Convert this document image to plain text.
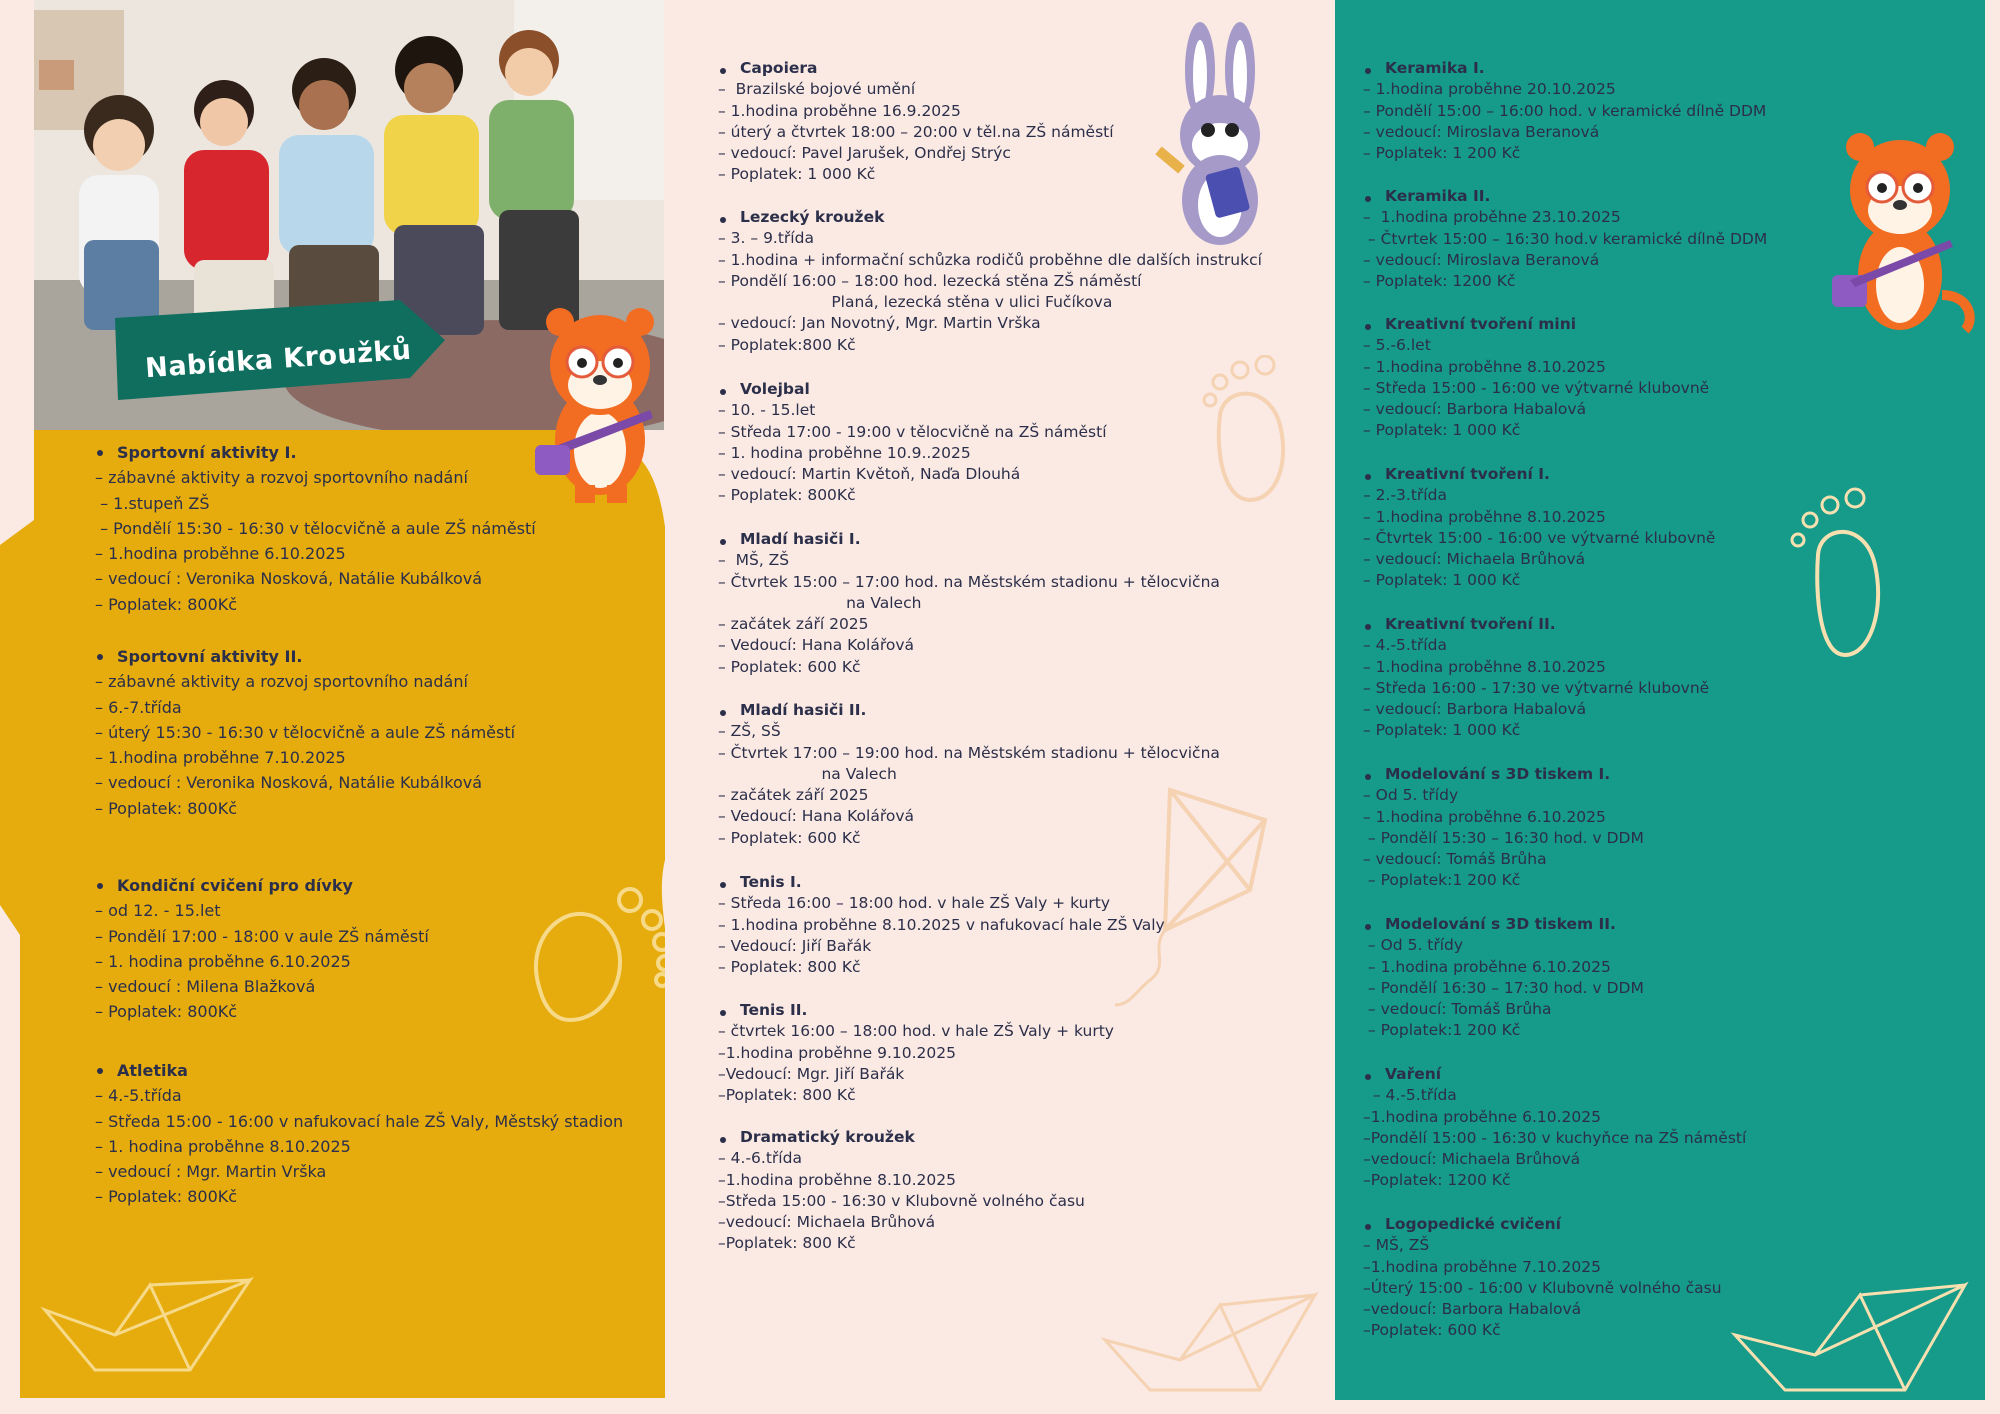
Nabídka Kroužků
Sportovní aktivity I.
– zábavné aktivity a rozvoj sportovního nadání
– 1.stupeň ZŠ
– Pondělí 15:30 - 16:30 v tělocvičně a aule ZŠ náměstí
– 1.hodina proběhne 6.10.2025
– vedoucí : Veronika Nosková, Natálie Kubálková
– Poplatek: 800Kč
Sportovní aktivity II.
– zábavné aktivity a rozvoj sportovního nadání
– 6.-7.třída
– úterý 15:30 - 16:30 v tělocvičně a aule ZŠ náměstí
– 1.hodina proběhne 7.10.2025
– vedoucí : Veronika Nosková, Natálie Kubálková
– Poplatek: 800Kč
Kondiční cvičení pro dívky
– od 12. - 15.let
– Pondělí 17:00 - 18:00 v aule ZŠ náměstí
– 1. hodina proběhne 6.10.2025
– vedoucí : Milena Blažková
– Poplatek: 800Kč
Atletika
– 4.-5.třída
– Středa 15:00 - 16:00 v nafukovací hale ZŠ Valy, Městský stadion
– 1. hodina proběhne 8.10.2025
– vedoucí : Mgr. Martin Vrška
– Poplatek: 800Kč
Capoiera
–  Brazilské bojové umění
– 1.hodina proběhne 16.9.2025
– úterý a čtvrtek 18:00 – 20:00 v těl.na ZŠ náměstí
– vedoucí: Pavel Jarušek, Ondřej Strýc
– Poplatek: 1 000 Kč
Lezecký kroužek
– 3. – 9.třída
– 1.hodina + informační schůzka rodičů proběhne dle dalších instrukcí
– Pondělí 16:00 – 18:00 hod. lezecká stěna ZŠ náměstí
Planá, lezecká stěna v ulici Fučíkova
– vedoucí: Jan Novotný, Mgr. Martin Vrška
– Poplatek:800 Kč
Volejbal
– 10. - 15.let
– Středa 17:00 - 19:00 v tělocvičně na ZŠ náměstí
– 1. hodina proběhne 10.9..2025
– vedoucí: Martin Květoň, Naďa Dlouhá
– Poplatek: 800Kč
Mladí hasiči I.
–  MŠ, ZŠ
– Čtvrtek 15:00 – 17:00 hod. na Městském stadionu + tělocvična
na Valech
– začátek září 2025
– Vedoucí: Hana Kolářová
– Poplatek: 600 Kč
Mladí hasiči II.
– ZŠ, SŠ
– Čtvrtek 17:00 – 19:00 hod. na Městském stadionu + tělocvična
na Valech
– začátek září 2025
– Vedoucí: Hana Kolářová
– Poplatek: 600 Kč
Tenis I.
– Středa 16:00 – 18:00 hod. v hale ZŠ Valy + kurty
– 1.hodina proběhne 8.10.2025 v nafukovací hale ZŠ Valy
– Vedoucí: Jiří Bařák
– Poplatek: 800 Kč
Tenis II.
– čtvrtek 16:00 – 18:00 hod. v hale ZŠ Valy + kurty
–1.hodina proběhne 9.10.2025
–Vedoucí: Mgr. Jiří Bařák
–Poplatek: 800 Kč
Dramatický kroužek
– 4.-6.třída
–1.hodina proběhne 8.10.2025
–Středa 15:00 - 16:30 v Klubovně volného času
–vedoucí: Michaela Brůhová
–Poplatek: 800 Kč
Keramika I.
– 1.hodina proběhne 20.10.2025
– Pondělí 15:00 – 16:00 hod. v keramické dílně DDM
– vedoucí: Miroslava Beranová
– Poplatek: 1 200 Kč
Keramika II.
–  1.hodina proběhne 23.10.2025
– Čtvrtek 15:00 – 16:30 hod.v keramické dílně DDM
– vedoucí: Miroslava Beranová
– Poplatek: 1200 Kč
Kreativní tvoření mini
– 5.-6.let
– 1.hodina proběhne 8.10.2025
– Středa 15:00 - 16:00 ve výtvarné klubovně
– vedoucí: Barbora Habalová
– Poplatek: 1 000 Kč
Kreativní tvoření I.
– 2.-3.třída
– 1.hodina proběhne 8.10.2025
– Čtvrtek 15:00 - 16:00 ve výtvarné klubovně
– vedoucí: Michaela Brůhová
– Poplatek: 1 000 Kč
Kreativní tvoření II.
– 4.-5.třída
– 1.hodina proběhne 8.10.2025
– Středa 16:00 - 17:30 ve výtvarné klubovně
– vedoucí: Barbora Habalová
– Poplatek: 1 000 Kč
Modelování s 3D tiskem I.
– Od 5. třídy
– 1.hodina proběhne 6.10.2025
– Pondělí 15:30 – 16:30 hod. v DDM
– vedoucí: Tomáš Brůha
– Poplatek:1 200 Kč
Modelování s 3D tiskem II.
– Od 5. třídy
– 1.hodina proběhne 6.10.2025
– Pondělí 16:30 – 17:30 hod. v DDM
– vedoucí: Tomáš Brůha
– Poplatek:1 200 Kč
Vaření
– 4.-5.třída
–1.hodina proběhne 6.10.2025
–Pondělí 15:00 - 16:30 v kuchyňce na ZŠ náměstí
–vedoucí: Michaela Brůhová
–Poplatek: 1200 Kč
Logopedické cvičení
– MŠ, ZŠ
–1.hodina proběhne 7.10.2025
–Úterý 15:00 - 16:00 v Klubovně volného času
–vedoucí: Barbora Habalová
–Poplatek: 600 Kč
